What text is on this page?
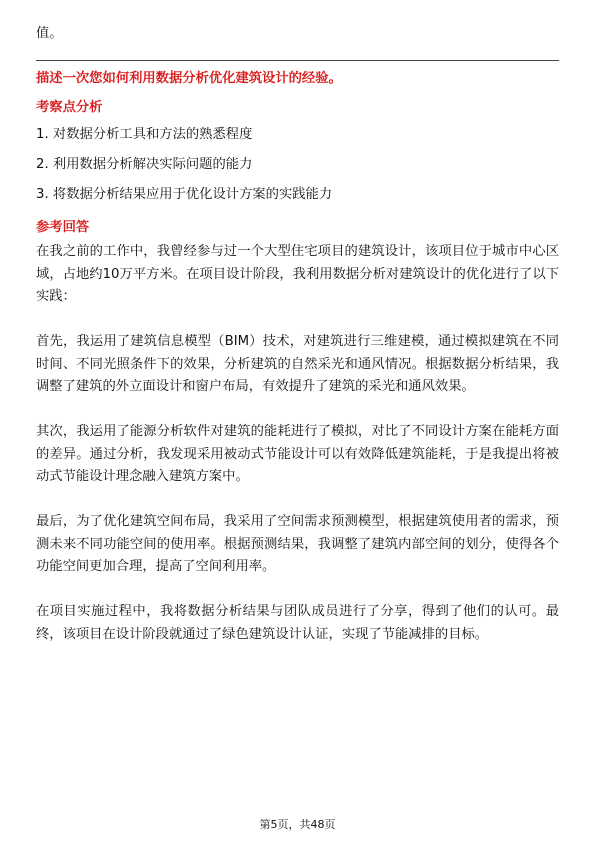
值。
描述一次您如何利用数据分析优化建筑设计的经验。
考察点分析
1. 对数据分析工具和方法的熟悉程度
2. 利用数据分析解决实际问题的能力
3. 将数据分析结果应用于优化设计方案的实践能力
参考回答

在我之前的工作中，我曾经参与过一个大型住宅项目的建筑设计，该项目位于城市中心区域，占地约10万平方米。在项目设计阶段，我利用数据分析对建筑设计的优化进行了以下实践：

首先，我运用了建筑信息模型（BIM）技术，对建筑进行三维建模，通过模拟建筑在不同时间、不同光照条件下的效果，分析建筑的自然采光和通风情况。根据数据分析结果，我调整了建筑的外立面设计和窗户布局，有效提升了建筑的采光和通风效果。

其次，我运用了能源分析软件对建筑的能耗进行了模拟，对比了不同设计方案在能耗方面的差异。通过分析，我发现采用被动式节能设计可以有效降低建筑能耗，于是我提出将被动式节能设计理念融入建筑方案中。

最后，为了优化建筑空间布局，我采用了空间需求预测模型，根据建筑使用者的需求，预测未来不同功能空间的使用率。根据预测结果，我调整了建筑内部空间的划分，使得各个功能空间更加合理，提高了空间利用率。

在项目实施过程中，我将数据分析结果与团队成员进行了分享，得到了他们的认可。最终，该项目在设计阶段就通过了绿色建筑设计认证，实现了节能减排的目标。

第5页，共48页
